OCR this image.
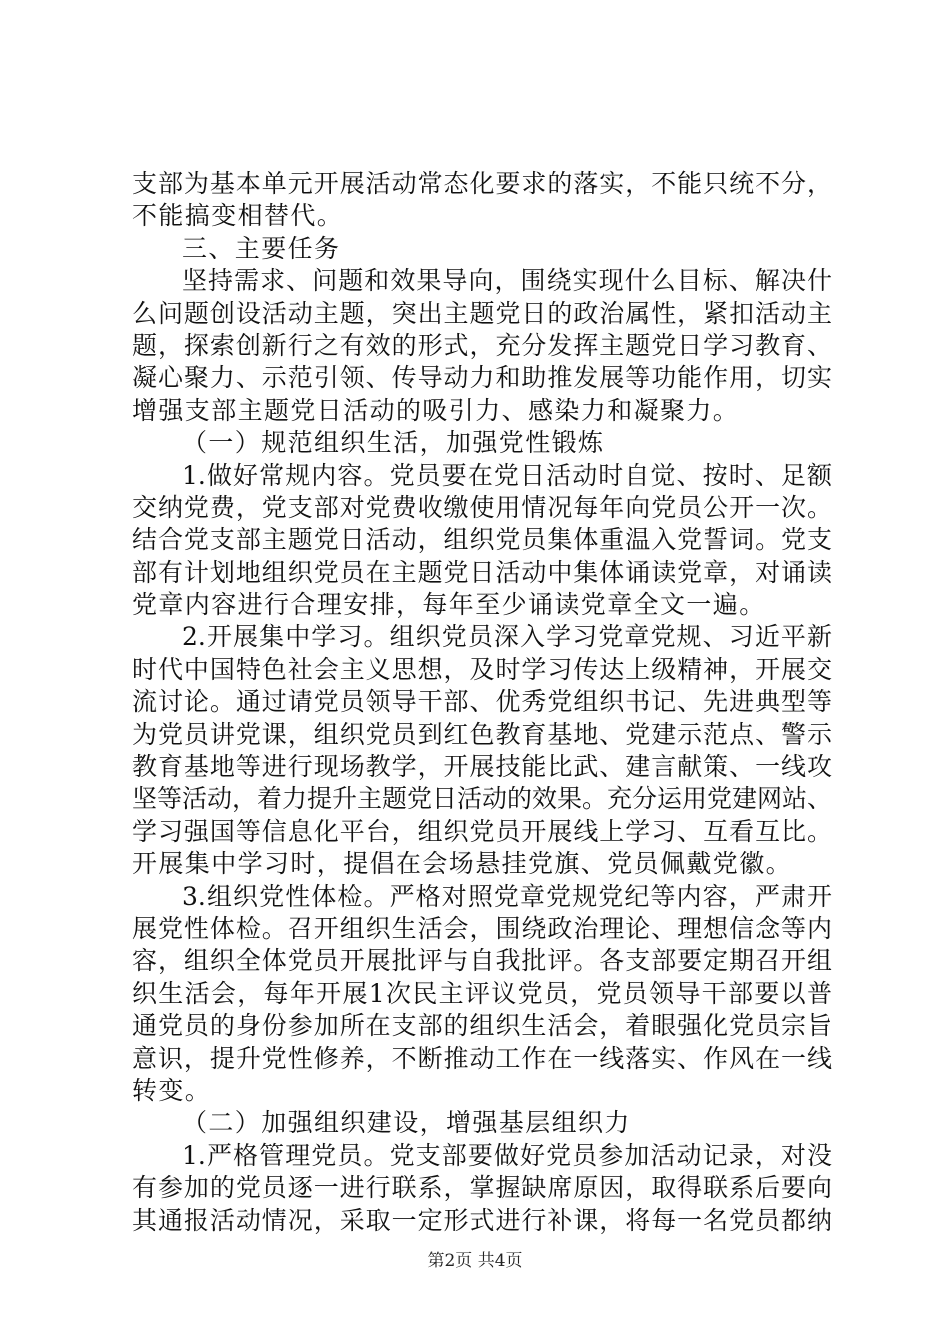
支部为基本单元开展活动常态化要求的落实，不能只统不分，
不能搞变相替代。
三、主要任务
坚持需求、问题和效果导向，围绕实现什么目标、解决什
么问题创设活动主题，突出主题党日的政治属性，紧扣活动主
题，探索创新行之有效的形式，充分发挥主题党日学习教育、
凝心聚力、示范引领、传导动力和助推发展等功能作用，切实
增强支部主题党日活动的吸引力、感染力和凝聚力。
（一）规范组织生活，加强党性锻炼
1.做好常规内容。党员要在党日活动时自觉、按时、足额
交纳党费，党支部对党费收缴使用情况每年向党员公开一次。
结合党支部主题党日活动，组织党员集体重温入党誓词。党支
部有计划地组织党员在主题党日活动中集体诵读党章，对诵读
党章内容进行合理安排，每年至少诵读党章全文一遍。
2.开展集中学习。组织党员深入学习党章党规、习近平新
时代中国特色社会主义思想，及时学习传达上级精神，开展交
流讨论。通过请党员领导干部、优秀党组织书记、先进典型等
为党员讲党课，组织党员到红色教育基地、党建示范点、警示
教育基地等进行现场教学，开展技能比武、建言献策、一线攻
坚等活动，着力提升主题党日活动的效果。充分运用党建网站、
学习强国等信息化平台，组织党员开展线上学习、互看互比。
开展集中学习时，提倡在会场悬挂党旗、党员佩戴党徽。
3.组织党性体检。严格对照党章党规党纪等内容，严肃开
展党性体检。召开组织生活会，围绕政治理论、理想信念等内
容，组织全体党员开展批评与自我批评。各支部要定期召开组
织生活会，每年开展1次民主评议党员，党员领导干部要以普
通党员的身份参加所在支部的组织生活会，着眼强化党员宗旨
意识，提升党性修养，不断推动工作在一线落实、作风在一线
转变。
（二）加强组织建设，增强基层组织力
1.严格管理党员。党支部要做好党员参加活动记录，对没
有参加的党员逐一进行联系，掌握缺席原因，取得联系后要向
其通报活动情况，采取一定形式进行补课，将每一名党员都纳
第2页 共4页
